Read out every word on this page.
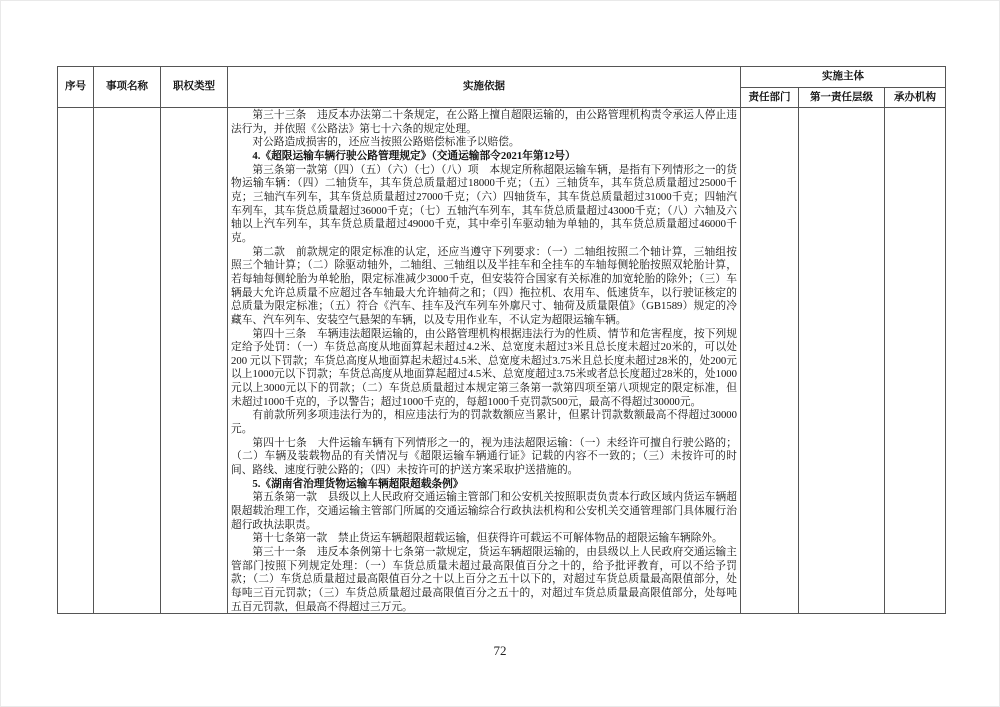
序号	事项名称	职权类型	实施依据	实施主体		
				责任部门	第一责任层级	承办机构

第三十三条　违反本办法第二十条规定，在公路上擅自超限运输的，由公路管理机构责令承运人停止违法行为，并依照《公路法》第七十六条的规定处理。
对公路造成损害的，还应当按照公路赔偿标准予以赔偿。
4.《超限运输车辆行驶公路管理规定》（交通运输部令2021年第12号）
第三条第一款第（四）（五）（六）（七）（八）项　本规定所称超限运输车辆，是指有下列情形之一的货物运输车辆：（四）二轴货车，其车货总质量超过18000千克；（五）三轴货车，其车货总质量超过25000千克；三轴汽车列车，其车货总质量超过27000千克；（六）四轴货车，其车货总质量超过31000千克；四轴汽车列车，其车货总质量超过36000千克；（七）五轴汽车列车，其车货总质量超过43000千克；（八）六轴及六轴以上汽车列车，其车货总质量超过49000千克，其中牵引车驱动轴为单轴的，其车货总质量超过46000千克。
第二款　前款规定的限定标准的认定，还应当遵守下列要求：（一）二轴组按照二个轴计算，三轴组按照三个轴计算；（二）除驱动轴外，二轴组、三轴组以及半挂车和全挂车的车轴每侧轮胎按照双轮胎计算，若每轴每侧轮胎为单轮胎，限定标准减少3000千克，但安装符合国家有关标准的加宽轮胎的除外；（三）车辆最大允许总质量不应超过各车轴最大允许轴荷之和；（四）拖拉机、农用车、低速货车，以行驶证核定的总质量为限定标准；（五）符合《汽车、挂车及汽车列车外廓尺寸、轴荷及质量限值》（GB1589）规定的冷藏车、汽车列车、安装空气悬架的车辆，以及专用作业车，不认定为超限运输车辆。
第四十三条　车辆违法超限运输的，由公路管理机构根据违法行为的性质、情节和危害程度，按下列规定给予处罚：（一）车货总高度从地面算起未超过4.2米、总宽度未超过3米且总长度未超过20米的，可以处200 元以下罚款；车货总高度从地面算起未超过4.5米、总宽度未超过3.75米且总长度未超过28米的，处200元以上1000元以下罚款；车货总高度从地面算起超过4.5米、总宽度超过3.75米或者总长度超过28米的，处1000元以上3000元以下的罚款；（二）车货总质量超过本规定第三条第一款第四项至第八项规定的限定标准，但未超过1000千克的，予以警告；超过1000千克的，每超1000千克罚款500元，最高不得超过30000元。
有前款所列多项违法行为的，相应违法行为的罚款数额应当累计，但累计罚款数额最高不得超过30000元。
第四十七条　大件运输车辆有下列情形之一的，视为违法超限运输：（一）未经许可擅自行驶公路的；（二）车辆及装载物品的有关情况与《超限运输车辆通行证》记载的内容不一致的；（三）未按许可的时间、路线、速度行驶公路的；（四）未按许可的护送方案采取护送措施的。
5.《湖南省治理货物运输车辆超限超载条例》
第五条第一款　县级以上人民政府交通运输主管部门和公安机关按照职责负责本行政区域内货运车辆超限超载治理工作，交通运输主管部门所属的交通运输综合行政执法机构和公安机关交通管理部门具体履行治超行政执法职责。
第十七条第一款　禁止货运车辆超限超载运输，但获得许可载运不可解体物品的超限运输车辆除外。
第三十一条　违反本条例第十七条第一款规定，货运车辆超限运输的，由县级以上人民政府交通运输主管部门按照下列规定处理：（一）车货总质量未超过最高限值百分之十的，给予批评教育，可以不给予罚款；（二）车货总质量超过最高限值百分之十以上百分之五十以下的，对超过车货总质量最高限值部分，处每吨三百元罚款；（三）车货总质量超过最高限值百分之五十的，对超过车货总质量最高限值部分，处每吨五百元罚款，但最高不得超过三万元。

72
